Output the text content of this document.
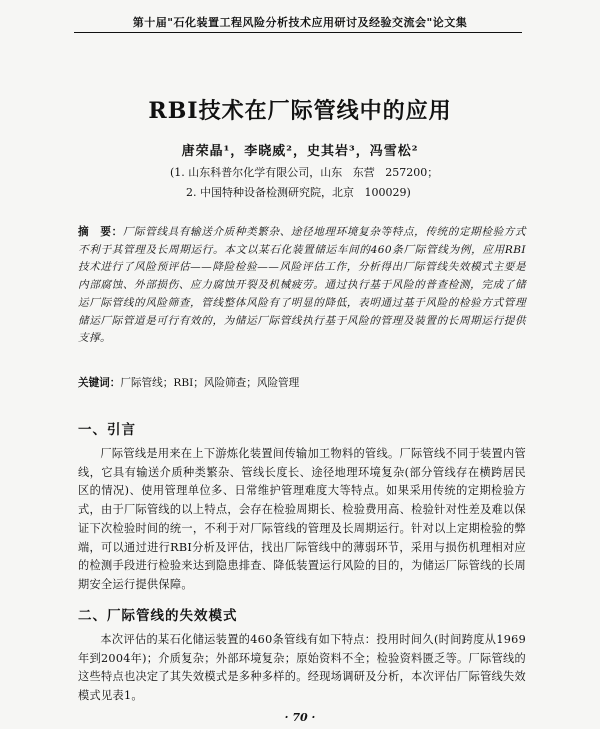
第十届"石化装置工程风险分析技术应用研讨及经验交流会"论文集
RBI技术在厂际管线中的应用
唐荣晶¹，李晓威²，史其岩³，冯雪松²
(1. 山东科普尔化学有限公司，山东   东营   257200；
2. 中国特种设备检测研究院，北京   100029)
摘　要：厂际管线具有输送介质种类繁杂、途径地理环境复杂等特点，传统的定期检验方式不利于其管理及长周期运行。本文以某石化装置储运车间的460条厂际管线为例，应用RBI技术进行了风险预评估——降险检验——风险评估工作，分析得出厂际管线失效模式主要是内部腐蚀、外部损伤、应力腐蚀开裂及机械疲劳。通过执行基于风险的普查检测，完成了储运厂际管线的风险筛查，管线整体风险有了明显的降低，表明通过基于风险的检验方式管理储运厂际管道是可行有效的，为储运厂际管线执行基于风险的管理及装置的长周期运行提供支撑。
关键词：厂际管线；RBI；风险筛查；风险管理
一、引言
厂际管线是用来在上下游炼化装置间传输加工物料的管线。厂际管线不同于装置内管线，它具有输送介质种类繁杂、管线长度长、途径地理环境复杂(部分管线存在横跨居民区的情况)、使用管理单位多、日常维护管理难度大等特点。如果采用传统的定期检验方式，由于厂际管线的以上特点，会存在检验周期长、检验费用高、检验针对性差及难以保证下次检验时间的统一，不利于对厂际管线的管理及长周期运行。针对以上定期检验的弊端，可以通过进行RBI分析及评估，找出厂际管线中的薄弱环节，采用与损伤机理相对应的检测手段进行检验来达到隐患排查、降低装置运行风险的目的，为储运厂际管线的长周期安全运行提供保障。
二、厂际管线的失效模式
本次评估的某石化储运装置的460条管线有如下特点：投用时间久(时间跨度从1969年到2004年)；介质复杂；外部环境复杂；原始资料不全；检验资料匮乏等。厂际管线的这些特点也决定了其失效模式是多种多样的。经现场调研及分析，本次评估厂际管线失效模式见表1。
· 70 ·
